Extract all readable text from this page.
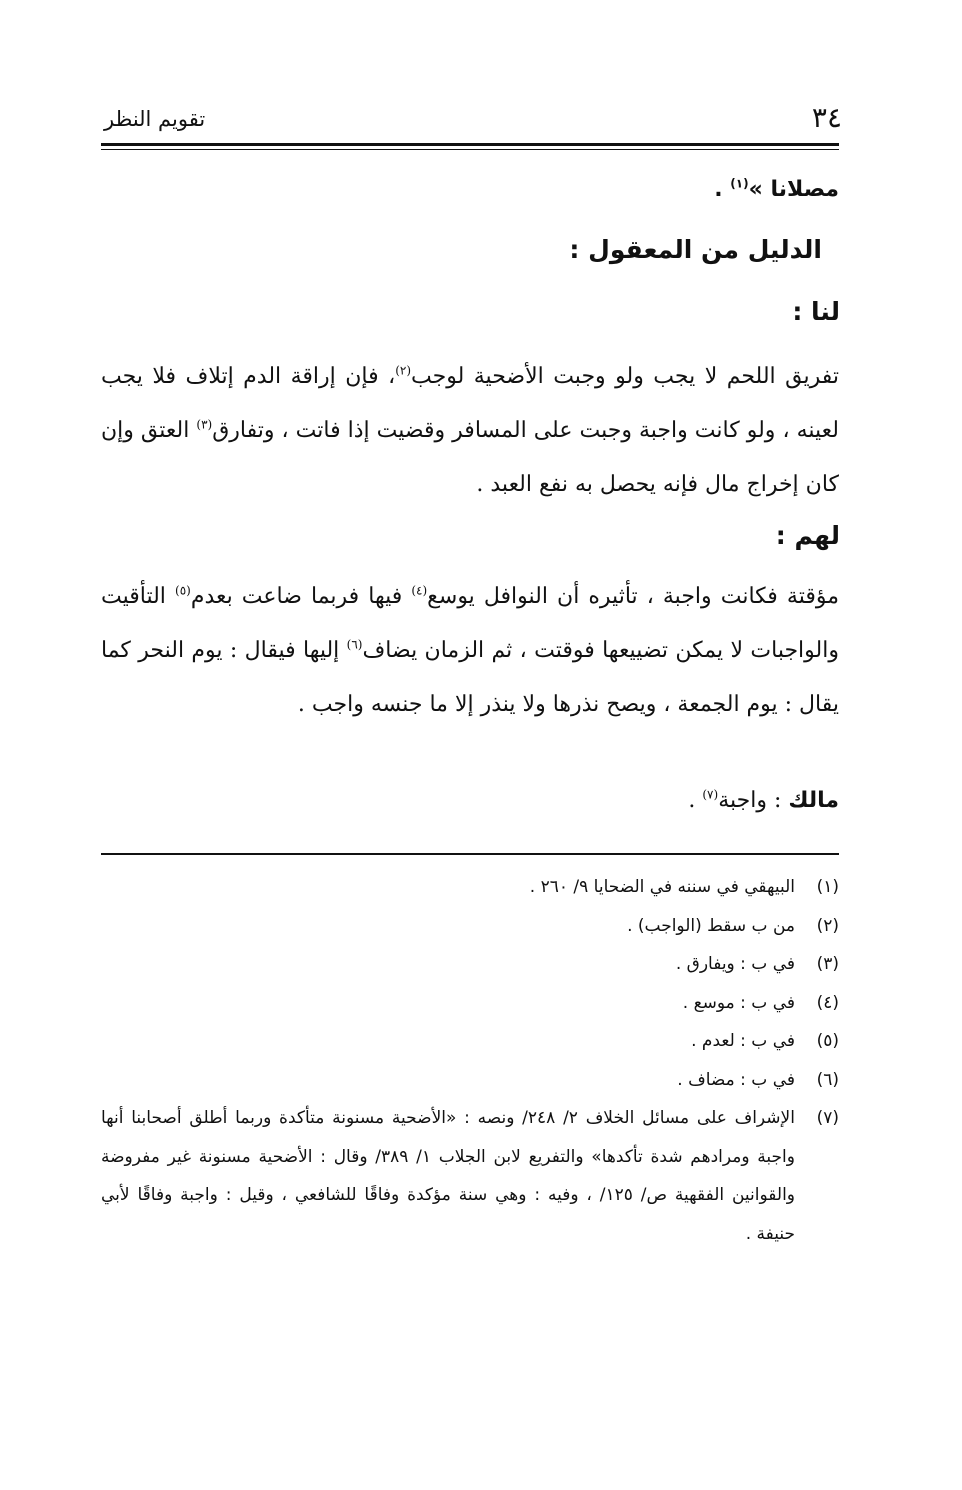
٣٤
تقويم النظر
مصلانا »$^{(١)}$ .
الدليل من المعقول :
لنا :
تفريق اللحم لا يجب ولو وجبت الأضحية لوجب$^{(٢)}$، فإن إراقة الدم إتلاف فلا يجب لعينه ، ولو كانت واجبة وجبت على المسافر وقضيت إذا فاتت ، وتفارق$^{(٣)}$ العتق وإن كان إخراج مال فإنه يحصل به نفع العبد .
لهم :
مؤقتة فكانت واجبة ، تأثيره أن النوافل يوسع$^{(٤)}$ فيها فربما ضاعت بعدم$^{(٥)}$ التأقيت والواجبات لا يمكن تضييعها فوقتت ، ثم الزمان يضاف$^{(٦)}$ إليها فيقال : يوم النحر كما يقال : يوم الجمعة ، ويصح نذرها ولا ينذر إلا ما جنسه واجب .
مالك : واجبة$^{(٧)}$ .
(١)
البيهقي في سننه في الضحايا ٩/ ٢٦٠ .
(٢)
من ب سقط (الواجب) .
(٣)
في ب : ويفارق .
(٤)
في ب : موسع .
(٥)
في ب : لعدم .
(٦)
في ب : مضاف .
(٧)
الإشراف على مسائل الخلاف ٢/ ٢٤٨/ ونصه : «الأضحية مسنونة متأكدة وربما أطلق أصحابنا أنها واجبة ومرادهم شدة تأكدها» والتفريع لابن الجلاب ١/ ٣٨٩/ وقال : الأضحية مسنونة غير مفروضة والقوانين الفقهية ص/ ١٢٥/ ، وفيه : وهي سنة مؤكدة وفاقًا للشافعي ، وقيل : واجبة وفاقًا لأبي حنيفة .
